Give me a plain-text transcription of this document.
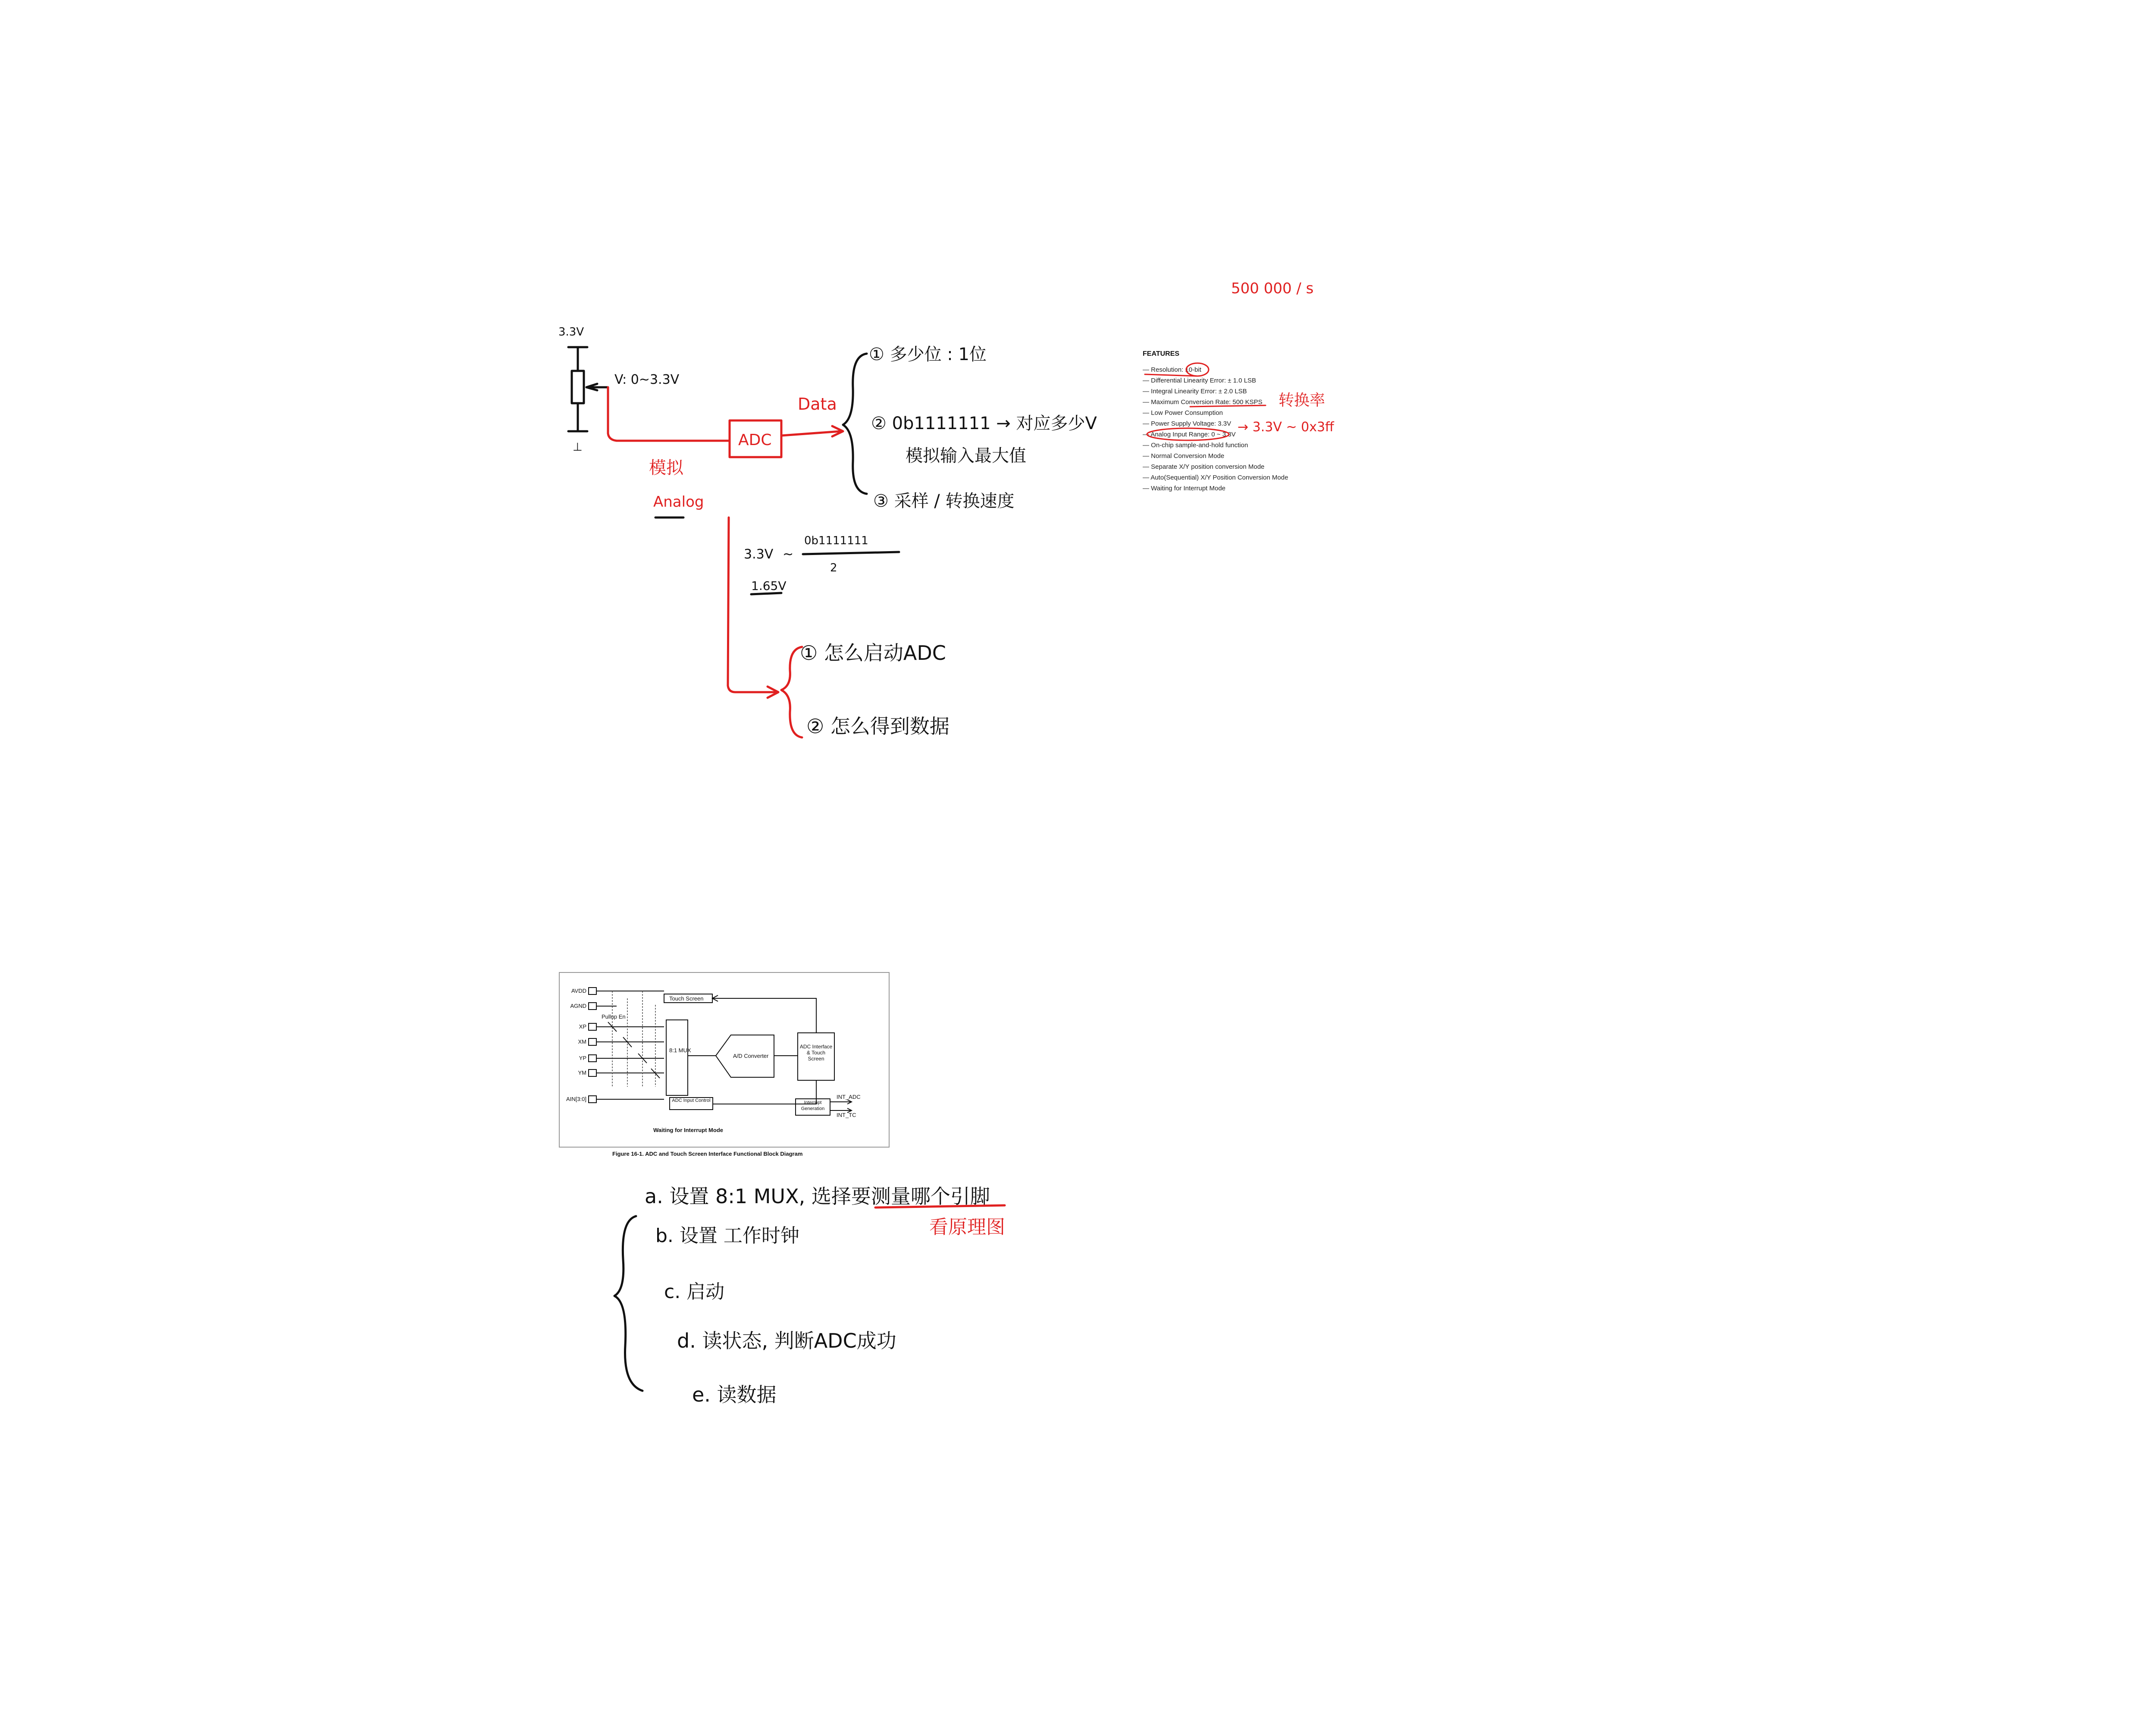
3.3V
V: 0~3.3V
⊥	ADC
模拟
Analog
Data
① 多少位 : 1位
② 0b1111111 → 对应多少V
模拟输入最大值
③ 采样 / 转换速度
3.3V ~
0b1111111
2
1.65V
① 怎么启动ADC
② 怎么得到数据
500 000 / s
FEATURES
— Resolution: 10-bit
— Differential Linearity Error: ± 1.0 LSB
— Integral Linearity Error: ± 2.0 LSB
— Maximum Conversion Rate: 500 KSPS
— Low Power Consumption
— Power Supply Voltage: 3.3V
— Analog Input Range: 0 ~ 3.3V
— On-chip sample-and-hold function
— Normal Conversion Mode
— Separate X/Y position conversion Mode
— Auto(Sequential) X/Y Position Conversion Mode
— Waiting for Interrupt Mode
转换率
→ 3.3V ~ 0x3ff
AVDD
AGND
XP
XM
YP
YM
AIN[3:0]
Pullup En
Touch Screen
8:1 MUX
A/D Converter
ADC Interface & Touch Screen
ADC Input Control	Interrupt Generation
INT_ADC
INT_TC
Waiting for Interrupt Mode
Figure 16-1. ADC and Touch Screen Interface Functional Block Diagram
a. 设置 8:1 MUX, 选择要测量哪个引脚
看原理图
b. 设置 工作时钟
c. 启动
d. 读状态, 判断ADC成功
e. 读数据
